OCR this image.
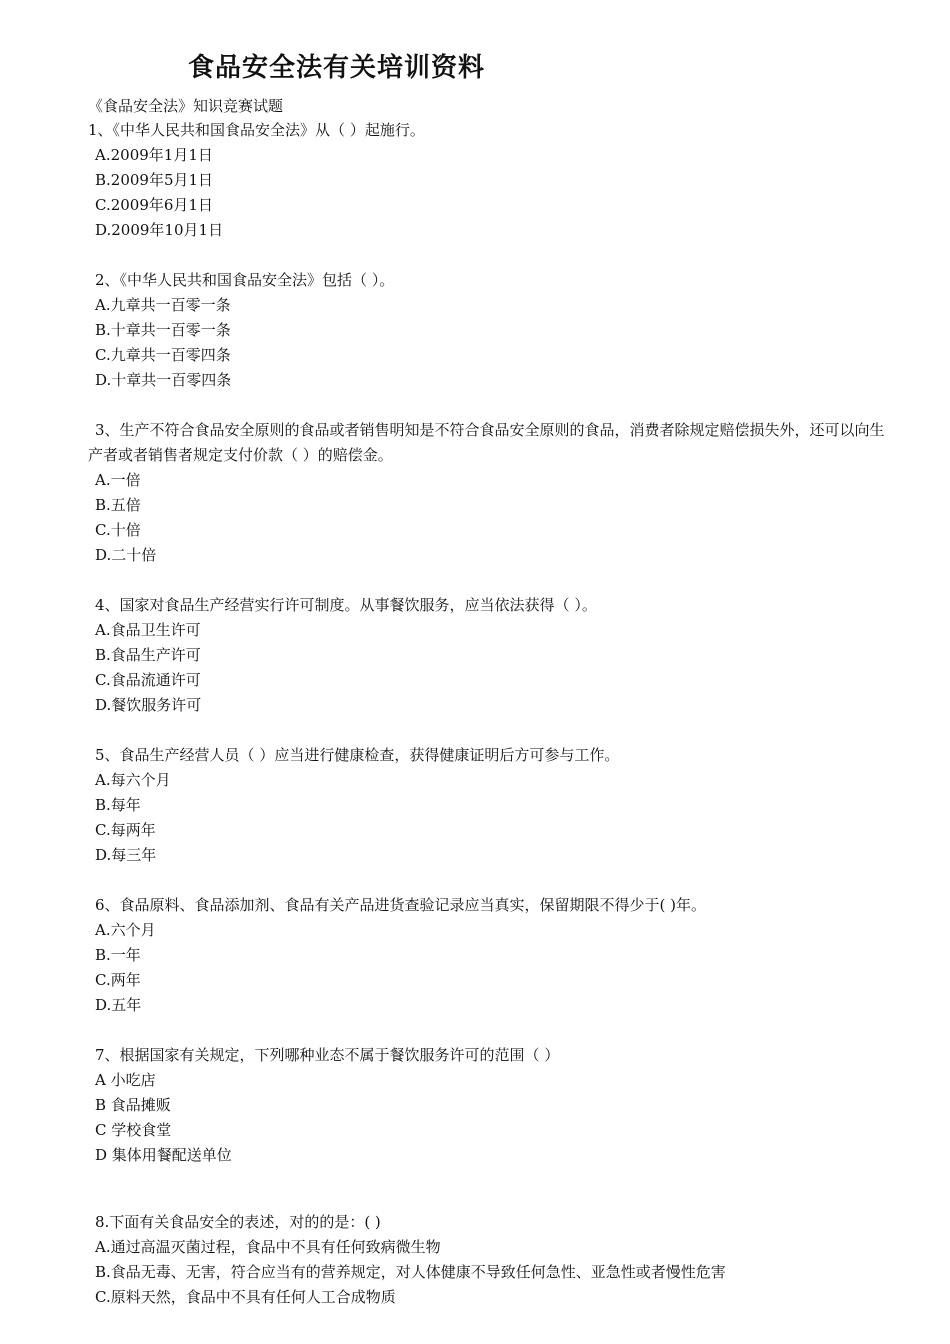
食品安全法有关培训资料
《食品安全法》知识竞赛试题
1、《中华人民共和国食品安全法》从（ ）起施行。
A.2009年1月1日
B.2009年5月1日
C.2009年6月1日
D.2009年10月1日
2、《中华人民共和国食品安全法》包括（ ）。
A.九章共一百零一条
B.十章共一百零一条
C.九章共一百零四条
D.十章共一百零四条
3、生产不符合食品安全原则的食品或者销售明知是不符合食品安全原则的食品，消费者除规定赔偿损失外，还可以向生产者或者销售者规定支付价款（ ）的赔偿金。
A.一倍
B.五倍
C.十倍
D.二十倍
4、国家对食品生产经营实行许可制度。从事餐饮服务，应当依法获得（ ）。
A.食品卫生许可
B.食品生产许可
C.食品流通许可
D.餐饮服务许可
5、食品生产经营人员（ ）应当进行健康检查，获得健康证明后方可参与工作。
A.每六个月
B.每年
C.每两年
D.每三年
6、食品原料、食品添加剂、食品有关产品进货查验记录应当真实，保留期限不得少于( )年。
A.六个月
B.一年
C.两年
D.五年
7、根据国家有关规定，下列哪种业态不属于餐饮服务许可的范围（ ）
A 小吃店
B 食品摊贩
C 学校食堂
D 集体用餐配送单位
8.下面有关食品安全的表述，对的的是：( )
A.通过高温灭菌过程，食品中不具有任何致病微生物
B.食品无毒、无害，符合应当有的营养规定，对人体健康不导致任何急性、亚急性或者慢性危害
C.原料天然，食品中不具有任何人工合成物质
